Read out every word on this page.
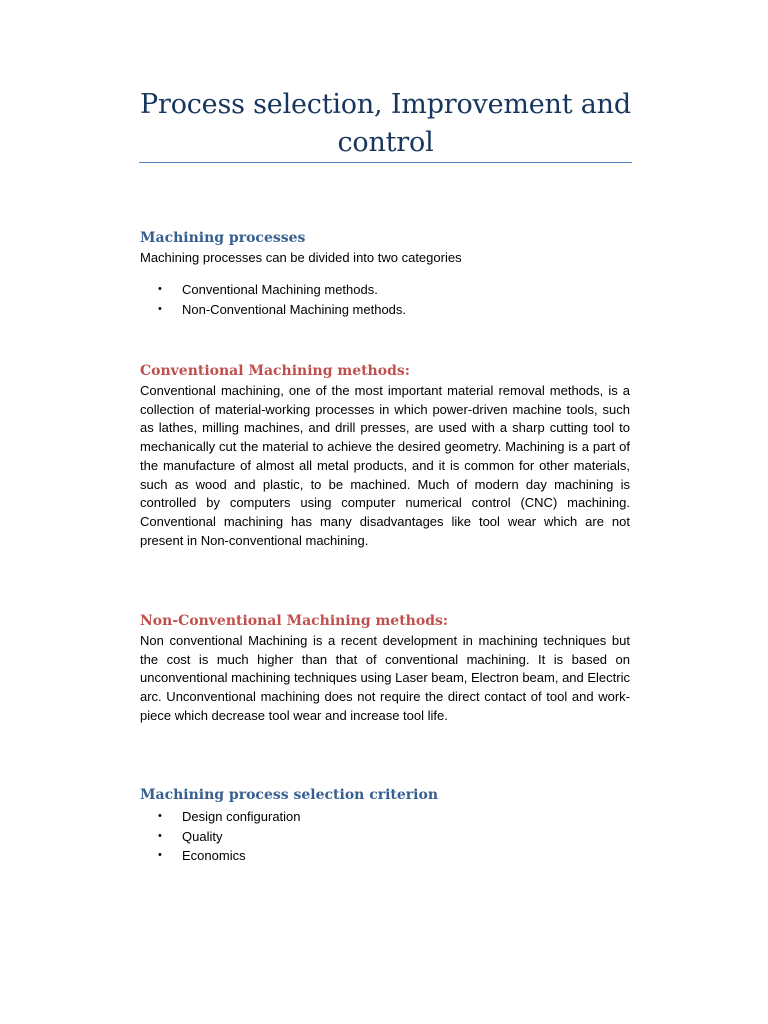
Process selection, Improvement and control
Machining processes

Machining processes can be divided into two categories

• Conventional Machining methods.
• Non-Conventional Machining methods.
Conventional Machining methods:

Conventional machining, one of the most important material removal methods, is a collection of material-working processes in which power-driven machine tools, such as lathes, milling machines, and drill presses, are used with a sharp cutting tool to mechanically cut the material to achieve the desired geometry. Machining is a part of the manufacture of almost all metal products, and it is common for other materials, such as wood and plastic, to be machined. Much of modern day machining is controlled by computers using computer numerical control (CNC) machining. Conventional machining has many disadvantages like tool wear which are not present in Non-conventional machining.

Non-Conventional Machining methods:

Non conventional Machining is a recent development in machining techniques but the cost is much higher than that of conventional machining. It is based on unconventional machining techniques using Laser beam, Electron beam, and Electric arc. Unconventional machining does not require the direct contact of tool and work-piece which decrease tool wear and increase tool life.

Machining process selection criterion
• Design configuration
• Quality
• Economics
